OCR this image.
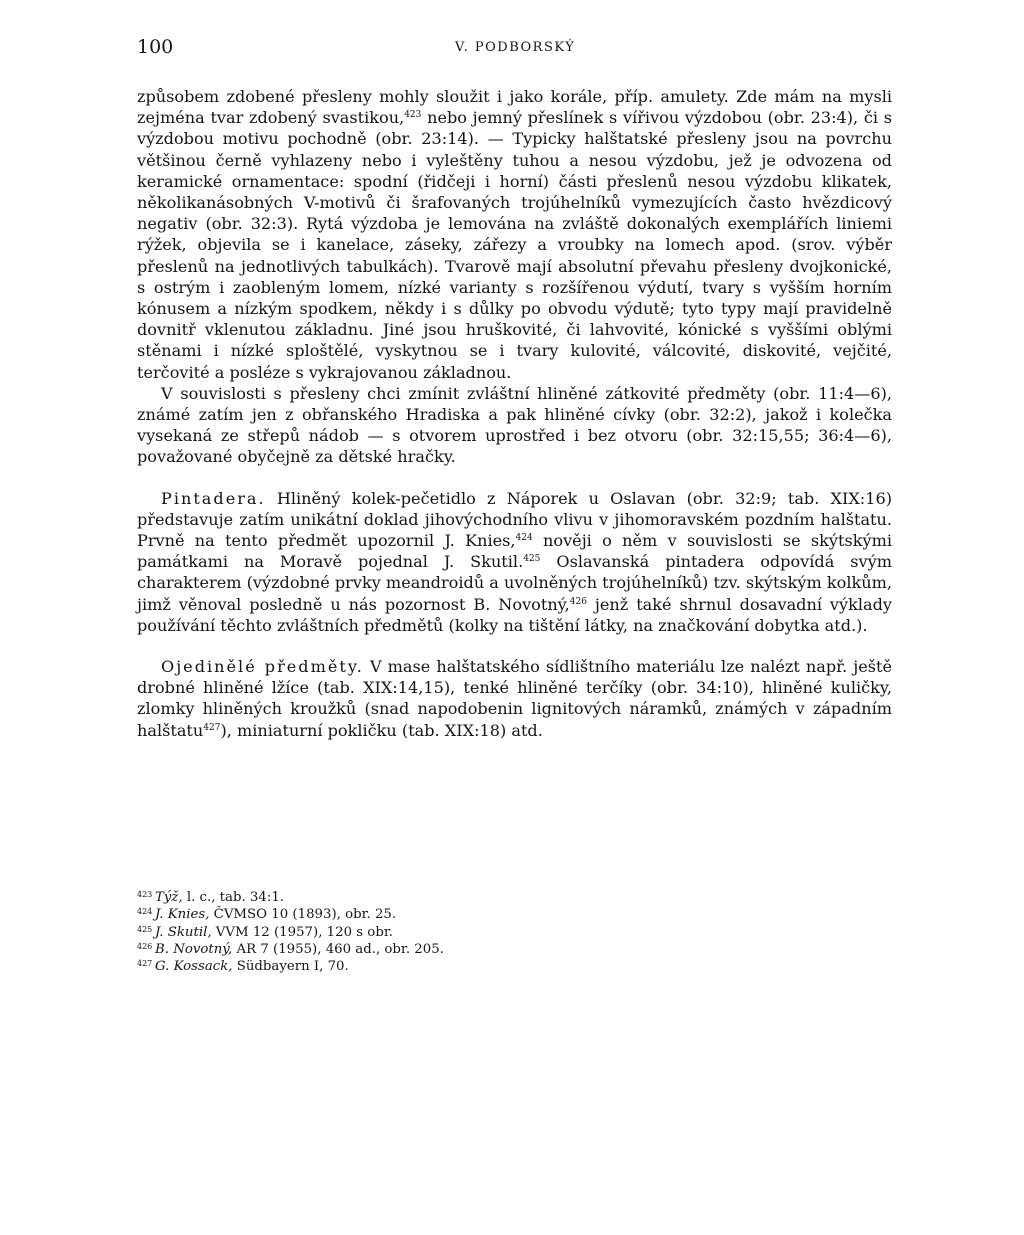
100	V. PODBORSKÝ

způsobem zdobené přesleny mohly sloužit i jako korále, příp. amulety. Zde mám na mysli zejména tvar zdobený svastikou,$^{423}$ nebo jemný přeslínek s vířivou výzdobou (obr. 23:4), či s výzdobou motivu pochodně (obr. 23:14). — Typicky halštatské přesleny jsou na povrchu většinou černě vyhlazeny nebo i vyleštěny tuhou a nesou výzdobu, jež je odvozena od keramické ornamentace: spodní (řidčeji i horní) části přeslenů nesou výzdobu klikatek, několikanásobných V-motivů či šrafovaných trojúhelníků vymezujících často hvězdicový negativ (obr. 32:3). Rytá výzdoba je lemována na zvláště dokonalých exemplářích liniemi rýžek, objevila se i kanelace, záseky, zářezy a vroubky na lomech apod. (srov. výběr přeslenů na jednotlivých tabulkách). Tvarově mají absolutní převahu přesleny dvojkonické, s ostrým i zaobleným lomem, nízké varianty s rozšířenou výdutí, tvary s vyšším horním kónusem a nízkým spodkem, někdy i s důlky po obvodu výdutě; tyto typy mají pravidelně dovnitř vklenutou základnu. Jiné jsou hruškovité, či lahvovité, kónické s vyššími oblými stěnami i nízké sploštělé, vyskytnou se i tvary kulovité, válcovité, diskovité, vejčité, terčovité a posléze s vykrajovanou základnou.

V souvislosti s přesleny chci zmínit zvláštní hliněné zátkovité předměty (obr. 11:4—6), známé zatím jen z obřanského Hradiska a pak hliněné cívky (obr. 32:2), jakož i kolečka vysekaná ze střepů nádob — s otvorem uprostřed i bez otvoru (obr. 32:15,55; 36:4—6), považované obyčejně za dětské hračky.

Pintadera. Hliněný kolek-pečetidlo z Náporek u Oslavan (obr. 32:9; tab. XIX:16) představuje zatím unikátní doklad jihovýchodního vlivu v jihomoravském pozdním halštatu. Prvně na tento předmět upozornil J. Knies,$^{424}$ nověji o něm v souvislosti se skýtskými památkami na Moravě pojednal J. Skutil.$^{425}$ Oslavanská pintadera odpovídá svým charakterem (výzdobné prvky meandroidů a uvolněných trojúhelníků) tzv. skýtským kolkům, jimž věnoval posledně u nás pozornost B. Novotný,$^{426}$ jenž také shrnul dosavadní výklady používání těchto zvláštních předmětů (kolky na tištění látky, na značkování dobytka atd.).

Ojedinělé předměty. V mase halštatského sídlištního materiálu lze nalézt např. ještě drobné hliněné lžíce (tab. XIX:14,15), tenké hliněné terčíky (obr. 34:10), hliněné kuličky, zlomky hliněných kroužků (snad napodobenin lignitových náramků, známých v západním halštatu$^{427}$), miniaturní pokličku (tab. XIX:18) atd.

423 Týž, l. c., tab. 34:1.
424 J. Knies, ČVMSO 10 (1893), obr. 25.
425 J. Skutil, VVM 12 (1957), 120 s obr.
426 B. Novotný, AR 7 (1955), 460 ad., obr. 205.
427 G. Kossack, Südbayern I, 70.
